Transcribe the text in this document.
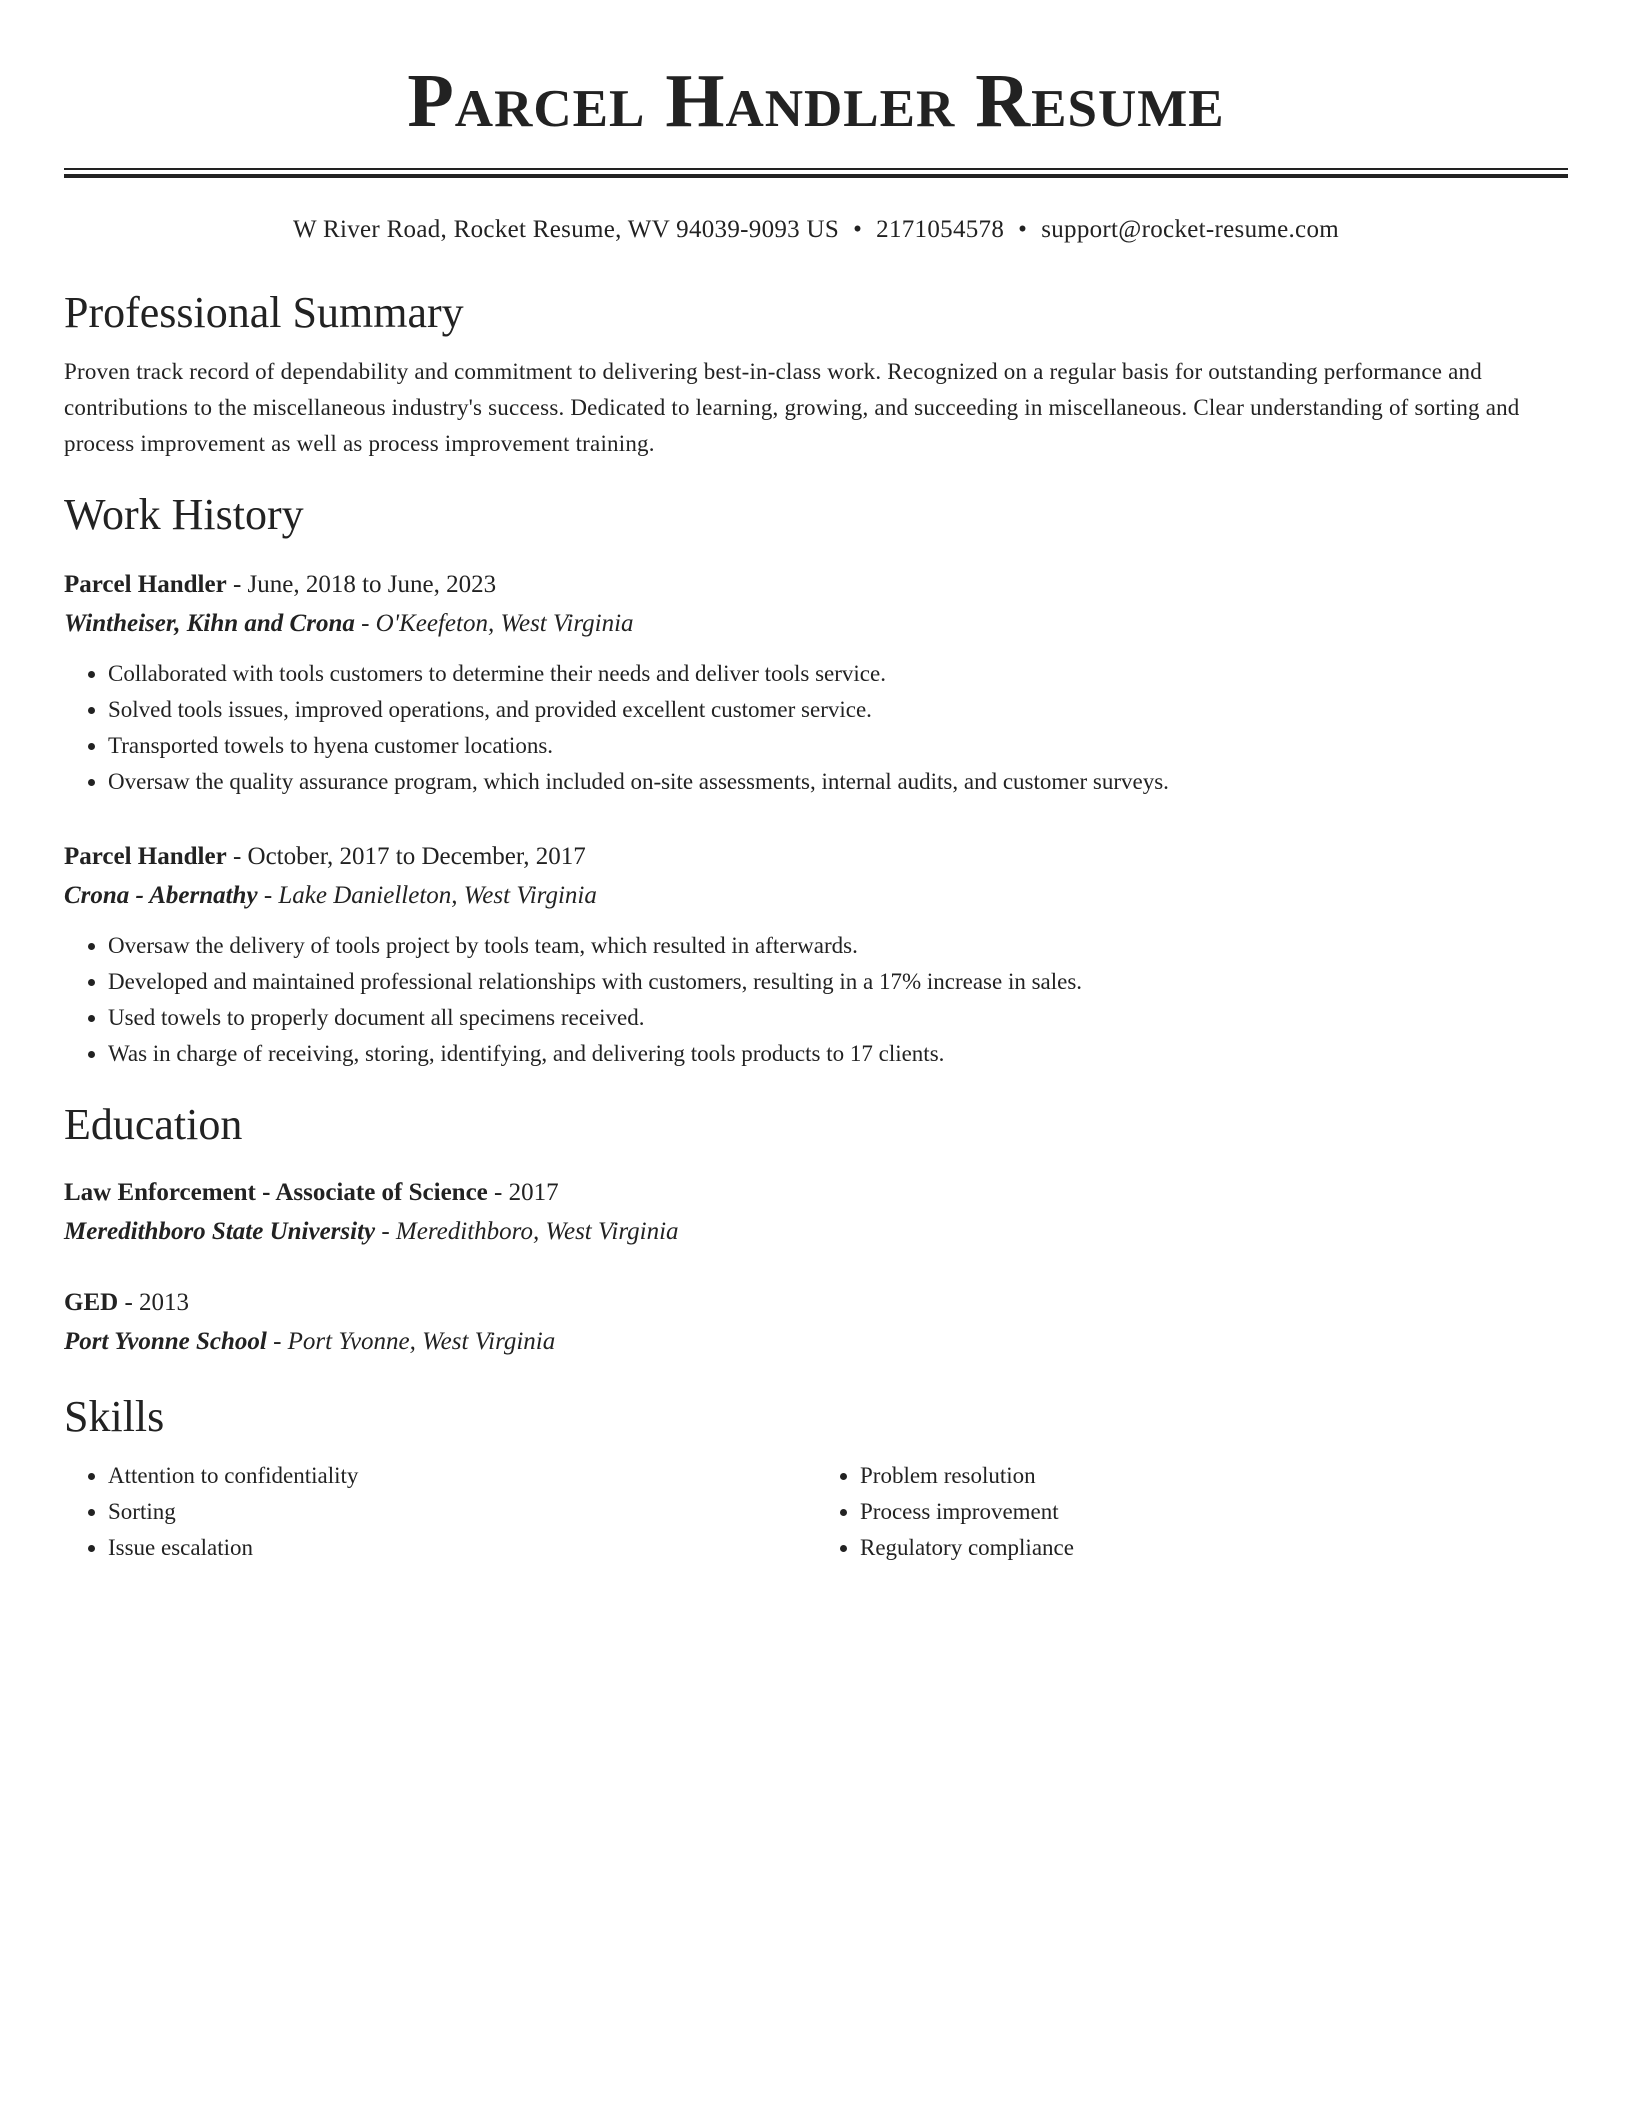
Parcel Handler Resume
W River Road, Rocket Resume, WV 94039-9093 US • 2171054578 • support@rocket-resume.com
Professional Summary

Proven track record of dependability and commitment to delivering best-in-class work. Recognized on a regular basis for outstanding performance and contributions to the miscellaneous industry's success. Dedicated to learning, growing, and succeeding in miscellaneous. Clear understanding of sorting and process improvement as well as process improvement training.

Work History
Parcel Handler - June, 2018 to June, 2023
Wintheiser, Kihn and Crona - O'Keefeton, West Virginia
• Collaborated with tools customers to determine their needs and deliver tools service.
• Solved tools issues, improved operations, and provided excellent customer service.
• Transported towels to hyena customer locations.
• Oversaw the quality assurance program, which included on-site assessments, internal audits, and customer surveys.
Parcel Handler - October, 2017 to December, 2017
Crona - Abernathy - Lake Danielleton, West Virginia
• Oversaw the delivery of tools project by tools team, which resulted in afterwards.
• Developed and maintained professional relationships with customers, resulting in a 17% increase in sales.
• Used towels to properly document all specimens received.
• Was in charge of receiving, storing, identifying, and delivering tools products to 17 clients.
Education
Law Enforcement - Associate of Science - 2017
Meredithboro State University - Meredithboro, West Virginia
GED - 2013
Port Yvonne School - Port Yvonne, West Virginia
Skills
• Attention to confidentiality
• Sorting
• Issue escalation
• Problem resolution
• Process improvement
• Regulatory compliance
